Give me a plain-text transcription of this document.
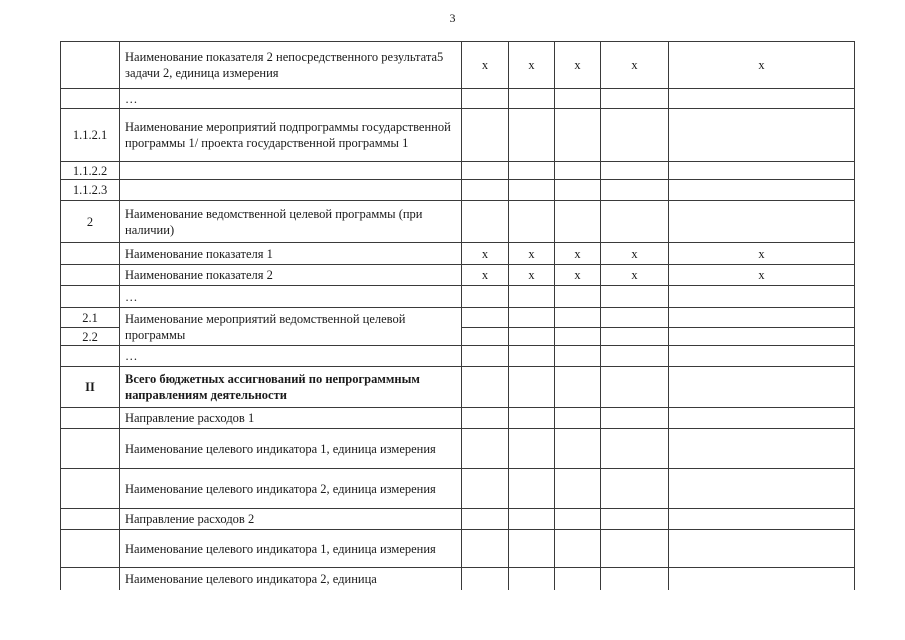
3
	Наименование показателя 2 непосредственного результата5 задачи 2, единица измерения	x	x	x	x	x
	…					
1.1.2.1	Наименование мероприятий подпрограммы государственной программы 1/ проекта государственной программы 1					
1.1.2.2						
1.1.2.3						
2	Наименование ведомственной целевой программы (при наличии)					
	Наименование показателя 1	x	x	x	x	x
	Наименование показателя 2	x	x	x	x	x
	…					
2.1	Наименование мероприятий ведомственной целевой программы					
2.2						
	…					
II	Всего бюджетных ассигнований по непрограммным направлениям деятельности					
	Направление расходов 1					
	Наименование целевого индикатора 1, единица измерения					
	Наименование целевого индикатора 2, единица измерения					
	Направление расходов 2					
	Наименование целевого индикатора 1, единица измерения					
	Наименование целевого индикатора 2, единица					
